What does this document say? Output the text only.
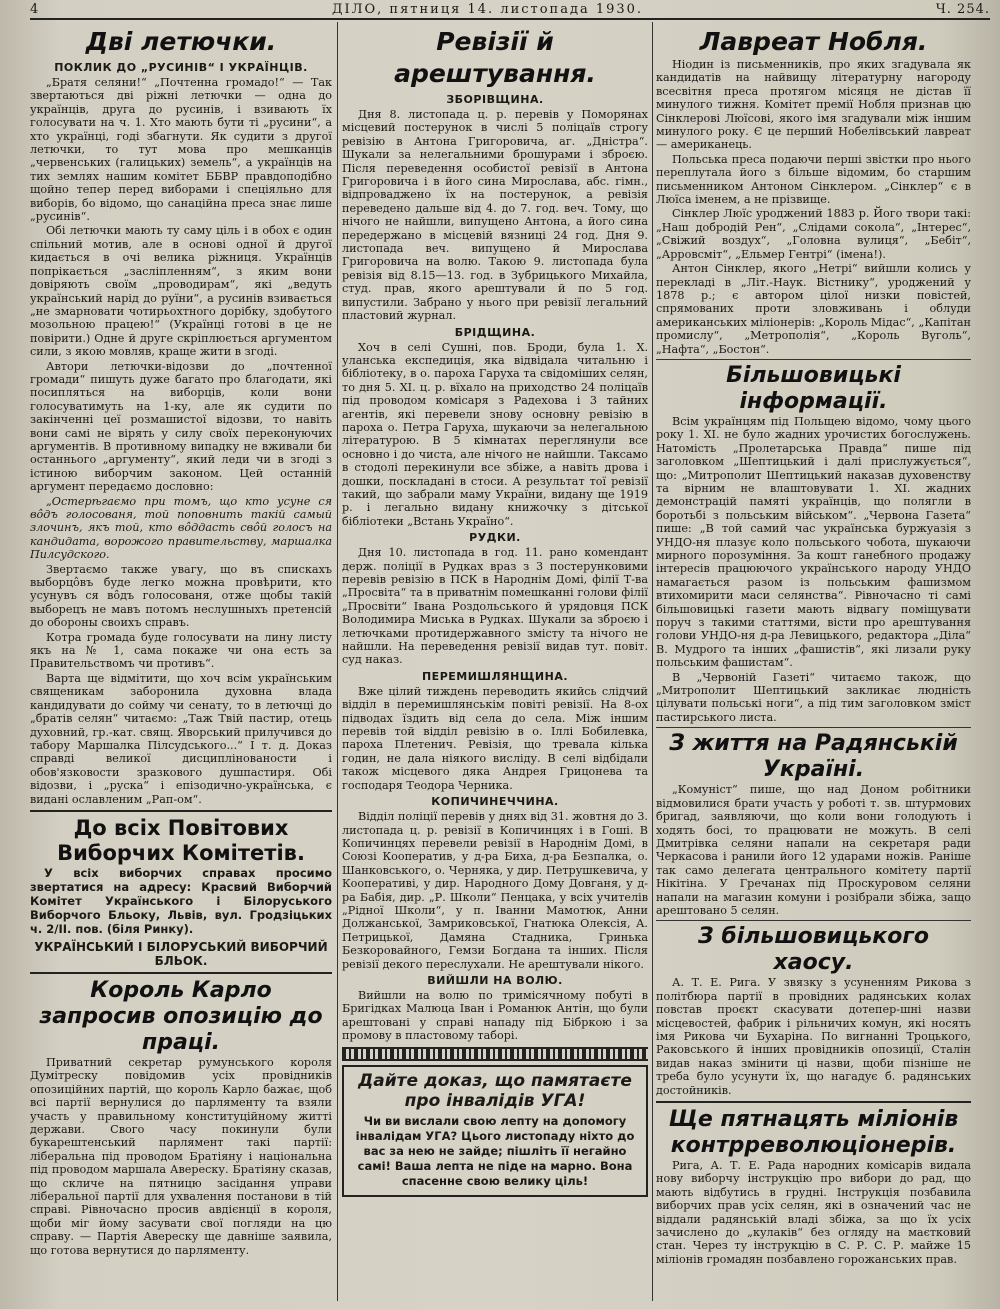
4	ДІЛО, пятниця 14. листопада 1930.	Ч. 254.
Дві летючки.
ПОКЛИК ДО „РУСИНІВ“ І УКРАЇНЦІВ.

„Братя селяни!“ „Почтенна громадо!“ — Так звертаються дві ріжні летючки — одна до українців, друга до русинів, і взивають їх голосувати на ч. 1. Хто мають бути ті „русини“, а хто українці, годі збагнути. Як судити з другої летючки, то тут мова про мешканців „червенських (галицьких) земель“, а українців на тих землях нашим комітет ББВР правдоподібно щойно тепер перед виборами і спеціяльно для виборів, бо відомо, що санаційна преса знає лише „русинів“.

Обі летючки мають ту саму ціль і в обох є один спільний мотив, але в основі одної й другої кидається в очі велика ріжниця. Українців попрікається „засліпленням“, з яким вони довіряють своїм „проводирам“, які „ведуть український нарід до руїни“, а русинів взивається „не змарновати чотирьохтного дорібку, здобутого мозольною працею!“ (Українці готові в це не повірити.) Одне й друге скріплюється аргументом сили, з якою мовляв, краще жити в згоді.

Автори летючки-відозви до „почтенної громади“ пишуть дуже багато про благодати, які посипляться на виборців, коли вони голосуватимуть на 1-ку, але як судити по закінченні цеї розмашистої відозви, то навіть вони самі не вірять у силу своїх переконуючих аргументів. В противному випадку не вживали би останнього „аргументу“, який леди чи в згоді з істиною виборчим законом. Цей останній аргумент передаємо дословно:

„Остерѣгаємо при томъ, що кто усуне ся вôдъ голосованя, той поповнить такій самый злочинъ, якъ той, кто вôддасть свôй голосъ на кандидата, ворожого правительству, маршалка Пилсудского.

Звертаємо также увагу, що въ спискахъ выборцôвъ буде легко можна провѣрити, кто усунувъ ся вôдъ голосованя, отже щобы такій выборецъ не мавъ потомъ неслушныхъ претенсій до обороны своихъ справъ.

Котра громада буде голосувати на лину листу якъ на № 1, сама покаже чи она есть за Правительствомъ чи противъ“.

Варта ще відмітити, що хоч всім українським священикам заборонила духовна влада кандидувати до сойму чи сенату, то в летючці до „братів селян“ читаємо: „Таж Твій пастир, отець духовний, гр.-кат. свящ. Яворський прилучився до табору Маршалка Пілсудського...“ І т. д. Доказ справді великої дисциплінованости і обов'язковости зразкового душпастиря. Обі відозви, і „руска“ і епізодично-українська, є видані ославленим „Рап-ом“.

До всіх Повітових Виборчих Комітетів.

У всіх виборчих справах просимо звертатися на адресу: Красвий Виборчий Комітет Українського і Білоруського Виборчого Бльоку, Львів, вул. Гродзіцьких ч. 2/ІІ. пов. (біля Ринку).

УКРАЇНСЬКИЙ І БІЛОРУСЬКИЙ ВИБОРЧИЙ БЛЬОК.
Король Карло запросив опозицію до праці.

Приватний секретар румунського короля Думітреску повідомив усіх провідників опозиційних партій, що король Карло бажає, щоб всі партії вернулися до парляменту та взяли участь у правильному конституційному житті держави. Свого часу покинули були букарештенський парлямент такі партії: ліберальна під проводом Братіяну і національна під проводом маршала Авереску. Братіяну сказав, що скличе на пятницю засідання управи ліберальної партії для ухвалення постанови в тій справі. Рівночасно просив авдієнції в короля, щоби міг йому засувати свої погляди на цю справу. — Партія Авереску ще давніше заявила, що готова вернутися до парляменту.

Ревізії й арештування.
ЗБОРІВЩИНА.

Дня 8. листопада ц. р. перевів у Поморянах місцевий постерунок в числі 5 поліцаїв строгу ревізію в Антона Григоровича, аг. „Дністра“. Шукали за нелегальними брошурами і зброєю. Після переведення особистої ревізії в Антона Григоровича і в його сина Мирослава, абс. гімн., відпроваджено їх на постерунок, а ревізія переведено дальше від 4. до 7. год. веч. Тому, що нічого не найшли, випущено Антона, а його сина передержано в місцевій вязниці 24 год. Дня 9. листопада веч. випущено й Мирослава Григоровича на волю. Такою 9. листопада була ревізія від 8.15—13. год. в Зубрицького Михайла, студ. прав, якого арештували й по 5 год. випустили. Забрано у нього при ревізії легальний пластовий журнал.

БРІДЩИНА.

Хоч в селі Сушні, пов. Броди, була 1. Х. уланська експедиція, яка відвідала читальню і бібліотеку, в о. пароха Гаруха та свідоміших селян, то дня 5. ХІ. ц. р. вїхало на приходство 24 поліцаїв під проводом комісаря з Радехова і 3 тайних агентів, які перевели знову основну ревізію в пароха о. Петра Гаруха, шукаючи за нелегальною літературою. В 5 кімнатах переглянули все основно і до чиста, але нічого не найшли. Таксамо в стодолі перекинули все збіже, а навіть дрова і дошки, поскладані в стоси. А результат тої ревізії такий, що забрали маму України, видану ще 1919 р. і легально видану книжочку з дітської бібліотеки „Встань Україно“.

РУДКИ.

Дня 10. листопада в год. 11. рано комендант держ. поліції в Рудках враз з 3 постерунковими перевів ревізію в ПСК в Народнім Домі, філії Т-ва „Просвіта“ та в приватнім помешканні голови філії „Просвіти“ Івана Роздольського й урядовця ПСК Володимира Миська в Рудках. Шукали за зброєю і летючками протидержавного змісту та нічого не найшли. На переведення ревізії видав тут. повіт. суд наказ.

ПЕРЕМИШЛЯНЩИНА.

Вже цілий тиждень переводить якийсь слідчий відділ в перемишлянськім повіті ревізії. На 8-ох підводах їздить від села до села. Між іншим перевів той відділ ревізію в о. Іллі Бобилевка, пароха Плетенич. Ревізія, що тревала кілька годин, не дала ніякого висліду. В селі відбідали також місцевого дяка Андрея Грицонева та господаря Теодора Черника.

КОПИЧИНЕЧЧИНА.

Відділ поліції перевів у днях від 31. жовтня до 3. листопада ц. р. ревізії в Копичинцях і в Гоші. В Копичинцях перевели ревізії в Народнім Домі, в Союзі Кооператив, у д-ра Биха, д-ра Безпалка, о. Шанковського, о. Черняка, у дир. Петрушкевича, у Кооперативі, у дир. Народного Дому Довганя, у д-ра Бабія, дир. „Р. Школи“ Пенцака, у всіх учителів „Рідної Школи“, у п. Іванни Мамотюк, Анни Должанської, Замриковської, Гнатюка Олексія, А. Петрицької, Дамяна Стадника, Гринька Безкоровайного, Гемзи Богдана та інших. Після ревізії декого переслухали. Не арештували нікого.

ВИЙШЛИ НА ВОЛЮ.

Вийшли на волю по тримісячному побуті в Бригідках Малюца Іван і Романюк Антін, що були арештовані у справі нападу під Бібркою і за промову в пластовому таборі.

Дайте доказ, що памятаєте про інвалідів УГА!

Чи ви вислали свою лепту на допомогу інвалідам УГА? Цього листопаду ніхто до вас за нею не зайде; пішліть її негайно самі! Ваша лепта не піде на марно. Вона спасенне свою велику ціль!

Лавреат Нобля.

Ніодин із письменників, про яких згадувала як кандидатів на найвищу літературну нагороду всесвітня преса протягом місяця не дістав її минулого тижня. Комітет премії Нобля признав цю Сінклерові Люїсові, якого імя згадували між іншим минулого року. Є це перший Нобелівський лавреат — американець.

Польська преса подаючи перші звістки про нього переплутала його з більше відомим, бо старшим письменником Антоном Сінклером. „Сінклер“ є в Люїса іменем, а не прізвище.

Сінклер Люїс уроджений 1883 р. Його твори такі: „Наш добродій Рен“, „Слідами сокола“, „Інтерес“, „Свіжий воздух“, „Головна вулиця“, „Бебіт“, „Арровсміт“, „Ельмер Гентрі“ (імена!).

Антон Сінклер, якого „Нетрі“ вийшли колись у перекладі в „Літ.-Наук. Вістнику“, уроджений у 1878 р.; є автором цілої низки повістей, спрямованих проти зловживань і облуди американських міліонерів: „Король Мідас“, „Капітан промислу“, „Метрополія“, „Король Вуголь“, „Нафта“, „Бостон“.

Більшовицькі інформації.

Всім українцям під Польщею відомо, чому цього року 1. ХІ. не було жадних урочистих богослужень. Натомість „Пролетарська Правда“ пише під заголовком „Шептицький і далі прислужується“, що: „Митрополит Шептицький наказав духовенству та вірним не влаштовувати 1. ХІ. жадних демонстрацій памяті українців, що полягли в боротьбі з польським військом“. „Червона Газета“ пише: „В той самий час українська буржуазія з УНДО-ня плазує коло польського чобота, шукаючи мирного порозуміння. За кошт ганебного продажу інтересів працюючого українського народу УНДО намагається разом із польським фашизмом втихомирити маси селянства“. Рівночасно ті самі більшовицькі газети мають відвагу поміщувати поруч з такими статтями, вісти про арештування голови УНДО-ня д-ра Левицького, редактора „Діла“ В. Мудрого та інших „фашистів“, які лизали руку польським фашистам“.

В „Червоній Газеті“ читаємо також, що „Митрополит Шептицький закликає людність цілувати польські ноги“, а під тим заголовком зміст пастирського листа.

З життя на Радянській Україні.

„Комуніст“ пише, що над Доном робітники відмовилися брати участь у роботі т. зв. штурмових бригад, заявляючи, що коли вони голодують і ходять босі, то працювати не можуть. В селі Дмитрівка селяни напали на секретаря ради Черкасова і ранили його 12 ударами ножів. Раніше так само делегата центрального комітету партії Нікітіна. У Гречанах під Проскуровом селяни напали на магазин комуни і розібрали збіжа, защо арештовано 5 селян.

З більшовицького хаосу.

А. Т. Е. Рига. У звязку з усуненням Рикова з політбюра партії в провідних радянських колах повстав проєкт скасувати дотепер-шні назви місцевостей, фабрик і рільничих комун, які носять імя Рикова чи Бухаріна. По вигнанні Троцького, Раковського й інших провідників опозиції, Сталін видав наказ змінити ці назви, щоби пізніше не треба було усунути їх, що нагадує б. радянських достойників.

Ще пятнацять міліонів контрреволюціонерів.

Рига, А. Т. Е. Рада народних комісарів видала нову виборчу інструкцію про вибори до рад, що мають відбутись в грудні. Інструкція позбавила виборчих прав усіх селян, які в означений час не віддали радянській владі збіжа, за що їх усіх зачислено до „кулаків“ без огляду на маєтковий стан. Через ту інструкцію в С. Р. С. Р. майже 15 міліонів громадян позбавлено горожанських прав.
